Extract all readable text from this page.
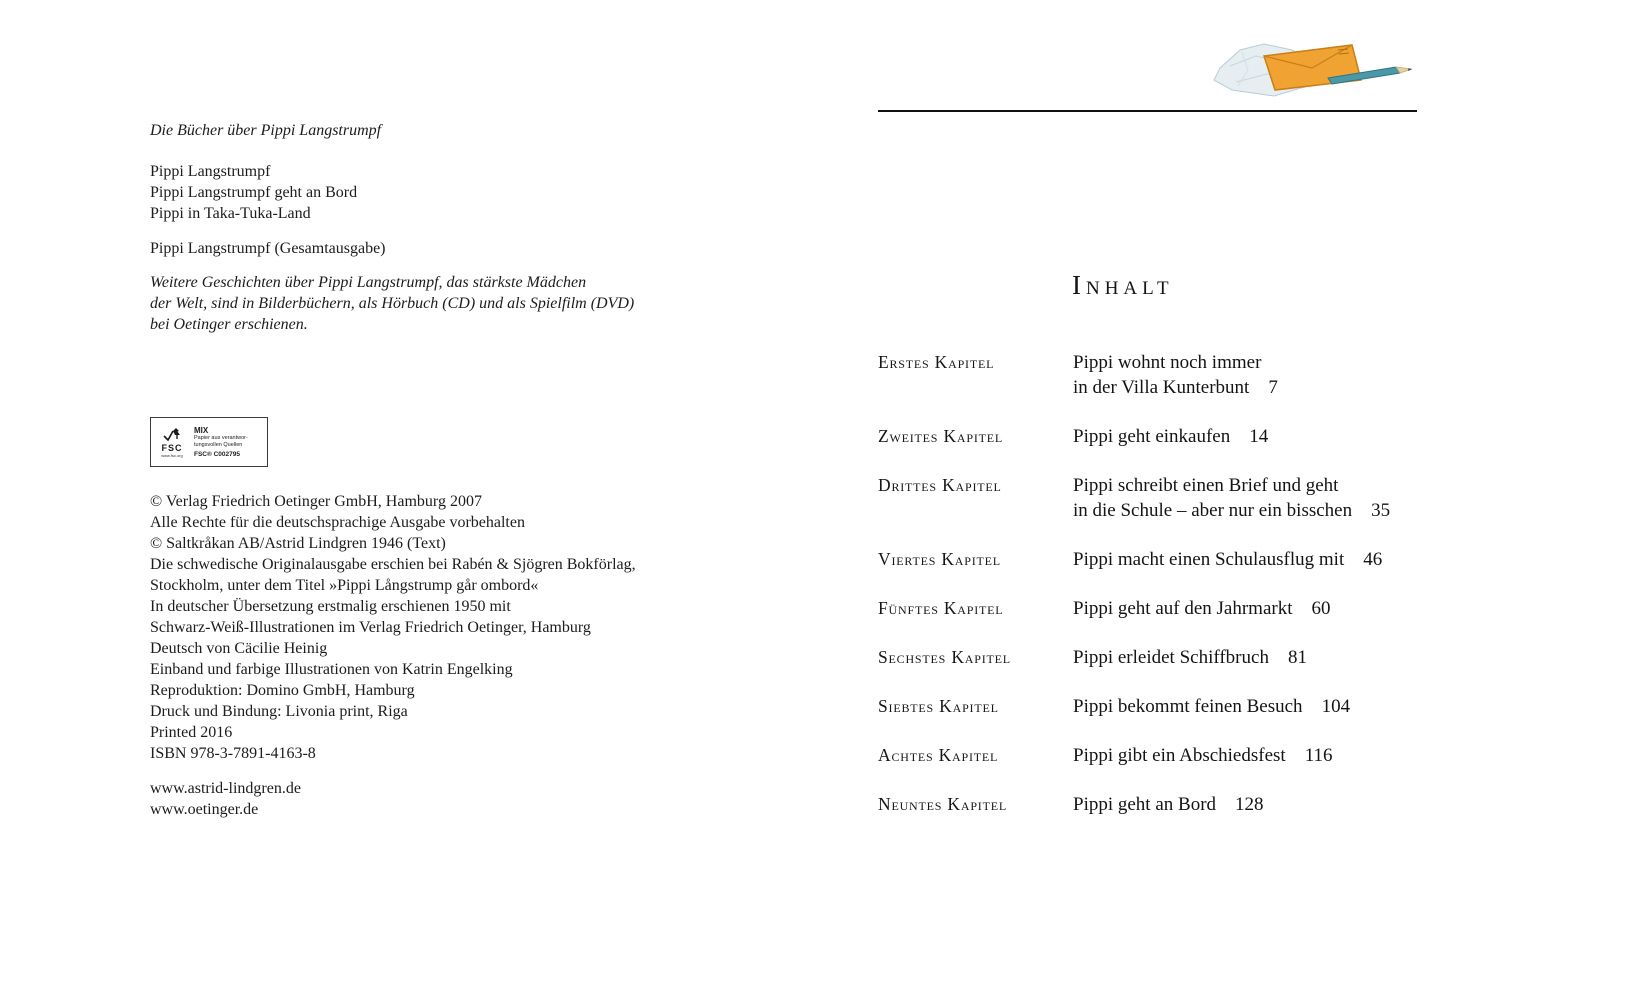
Die Bücher über Pippi Langstrumpf
Pippi Langstrumpf
Pippi Langstrumpf geht an Bord
Pippi in Taka-Tuka-Land
Pippi Langstrumpf (Gesamtausgabe)
Weitere Geschichten über Pippi Langstrumpf, das stärkste Mädchen
der Welt, sind in Bilderbüchern, als Hörbuch (CD) und als Spielfilm (DVD)
bei Oetinger erschienen.
FSC
www.fsc.org
MIX
Papier aus verantwor-
tungsvollen Quellen
FSC® C002795
© Verlag Friedrich Oetinger GmbH, Hamburg 2007
Alle Rechte für die deutschsprachige Ausgabe vorbehalten
© Saltkråkan AB/Astrid Lindgren 1946 (Text)
Die schwedische Originalausgabe erschien bei Rabén & Sjögren Bokförlag,
Stockholm, unter dem Titel »Pippi Långstrump går ombord«
In deutscher Übersetzung erstmalig erschienen 1950 mit
Schwarz-Weiß-Illustrationen im Verlag Friedrich Oetinger, Hamburg
Deutsch von Cäcilie Heinig
Einband und farbige Illustrationen von Katrin Engelking
Reproduktion: Domino GmbH, Hamburg
Druck und Bindung: Livonia print, Riga
Printed 2016
ISBN 978-3-7891-4163-8
www.astrid-lindgren.de
www.oetinger.de
Inhalt
Erstes Kapitel	Pippi wohnt noch immer
in der Villa Kunterbunt 7
Zweites Kapitel	Pippi geht einkaufen 14
Drittes Kapitel	Pippi schreibt einen Brief und geht
in die Schule – aber nur ein bisschen 35
Viertes Kapitel	Pippi macht einen Schulausflug mit 46
Fünftes Kapitel	Pippi geht auf den Jahrmarkt 60
Sechstes Kapitel	Pippi erleidet Schiffbruch 81
Siebtes Kapitel	Pippi bekommt feinen Besuch 104
Achtes Kapitel	Pippi gibt ein Abschiedsfest 116
Neuntes Kapitel	Pippi geht an Bord 128
